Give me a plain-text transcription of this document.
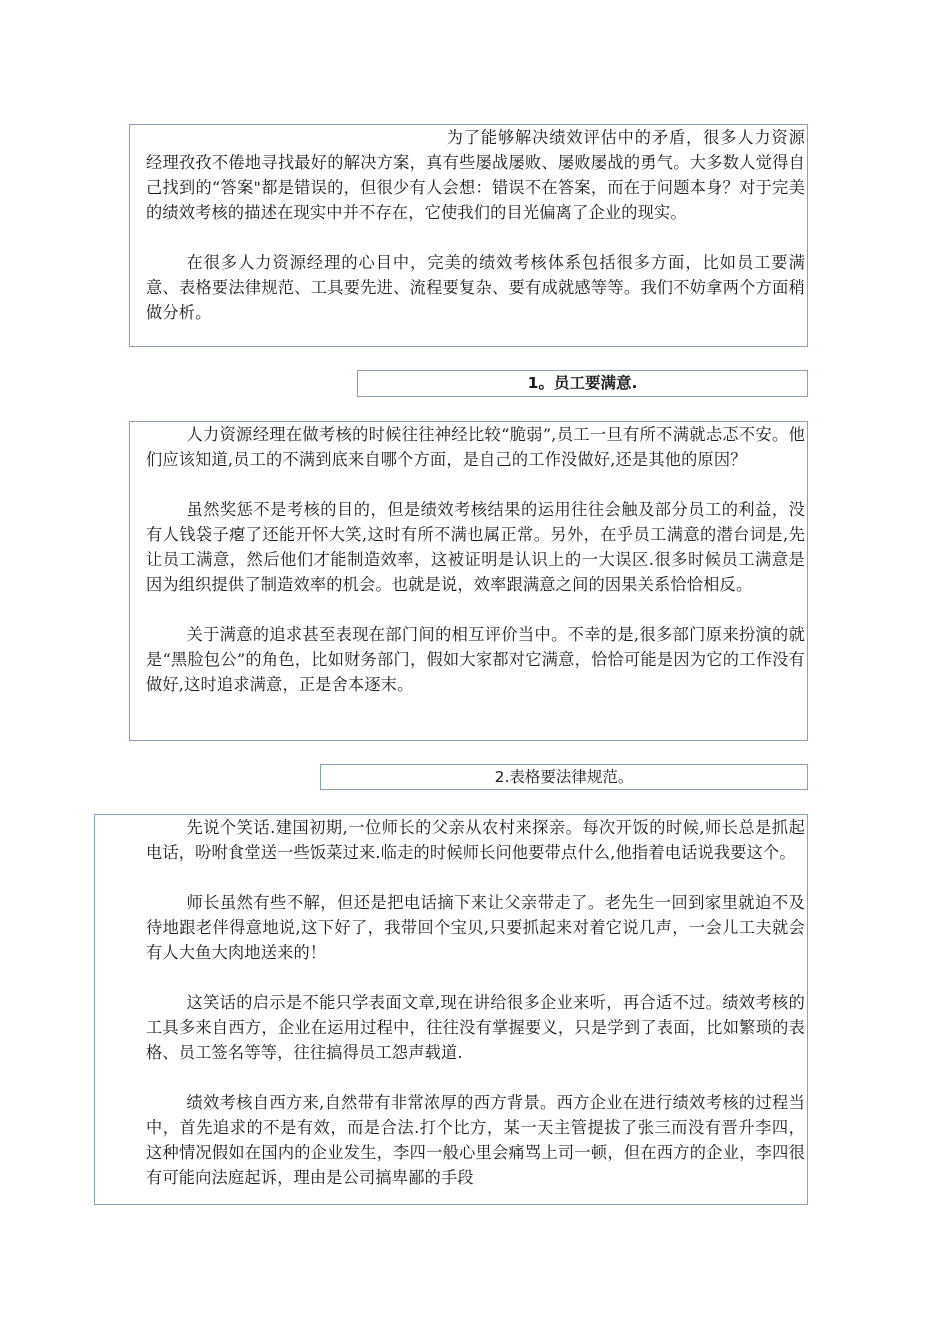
为了能够解决绩效评估中的矛盾，很多人力资源经理孜孜不倦地寻找最好的解决方案，真有些屡战屡败、屡败屡战的勇气。大多数人觉得自己找到的“答案"都是错误的，但很少有人会想：错误不在答案，而在于问题本身？对于完美的绩效考核的描述在现实中并不存在，它使我们的目光偏离了企业的现实。

在很多人力资源经理的心目中，完美的绩效考核体系包括很多方面，比如员工要满意、表格要法律规范、工具要先进、流程要复杂、要有成就感等等。我们不妨拿两个方面稍做分析。

1。员工要满意.

人力资源经理在做考核的时候往往神经比较“脆弱”,员工一旦有所不满就忐忑不安。他们应该知道,员工的不满到底来自哪个方面，是自己的工作没做好,还是其他的原因？

虽然奖惩不是考核的目的，但是绩效考核结果的运用往往会触及部分员工的利益，没有人钱袋子瘪了还能开怀大笑,这时有所不满也属正常。另外，在乎员工满意的潜台词是,先让员工满意，然后他们才能制造效率，这被证明是认识上的一大误区.很多时候员工满意是因为组织提供了制造效率的机会。也就是说，效率跟满意之间的因果关系恰恰相反。

关于满意的追求甚至表现在部门间的相互评价当中。不幸的是,很多部门原来扮演的就是“黑脸包公”的角色，比如财务部门，假如大家都对它满意，恰恰可能是因为它的工作没有做好,这时追求满意，正是舍本逐末。

2.表格要法律规范。

先说个笑话.建国初期,一位师长的父亲从农村来探亲。每次开饭的时候,师长总是抓起电话，吩咐食堂送一些饭菜过来.临走的时候师长问他要带点什么,他指着电话说我要这个。

师长虽然有些不解，但还是把电话摘下来让父亲带走了。老先生一回到家里就迫不及待地跟老伴得意地说,这下好了，我带回个宝贝,只要抓起来对着它说几声，一会儿工夫就会有人大鱼大肉地送来的！

这笑话的启示是不能只学表面文章,现在讲给很多企业来听，再合适不过。绩效考核的工具多来自西方，企业在运用过程中，往往没有掌握要义，只是学到了表面，比如繁琐的表格、员工签名等等，往往搞得员工怨声载道.

绩效考核自西方来,自然带有非常浓厚的西方背景。西方企业在进行绩效考核的过程当中，首先追求的不是有效，而是合法.打个比方，某一天主管提拔了张三而没有晋升李四，这种情况假如在国内的企业发生，李四一般心里会痛骂上司一顿，但在西方的企业，李四很有可能向法庭起诉，理由是公司搞卑鄙的手段
